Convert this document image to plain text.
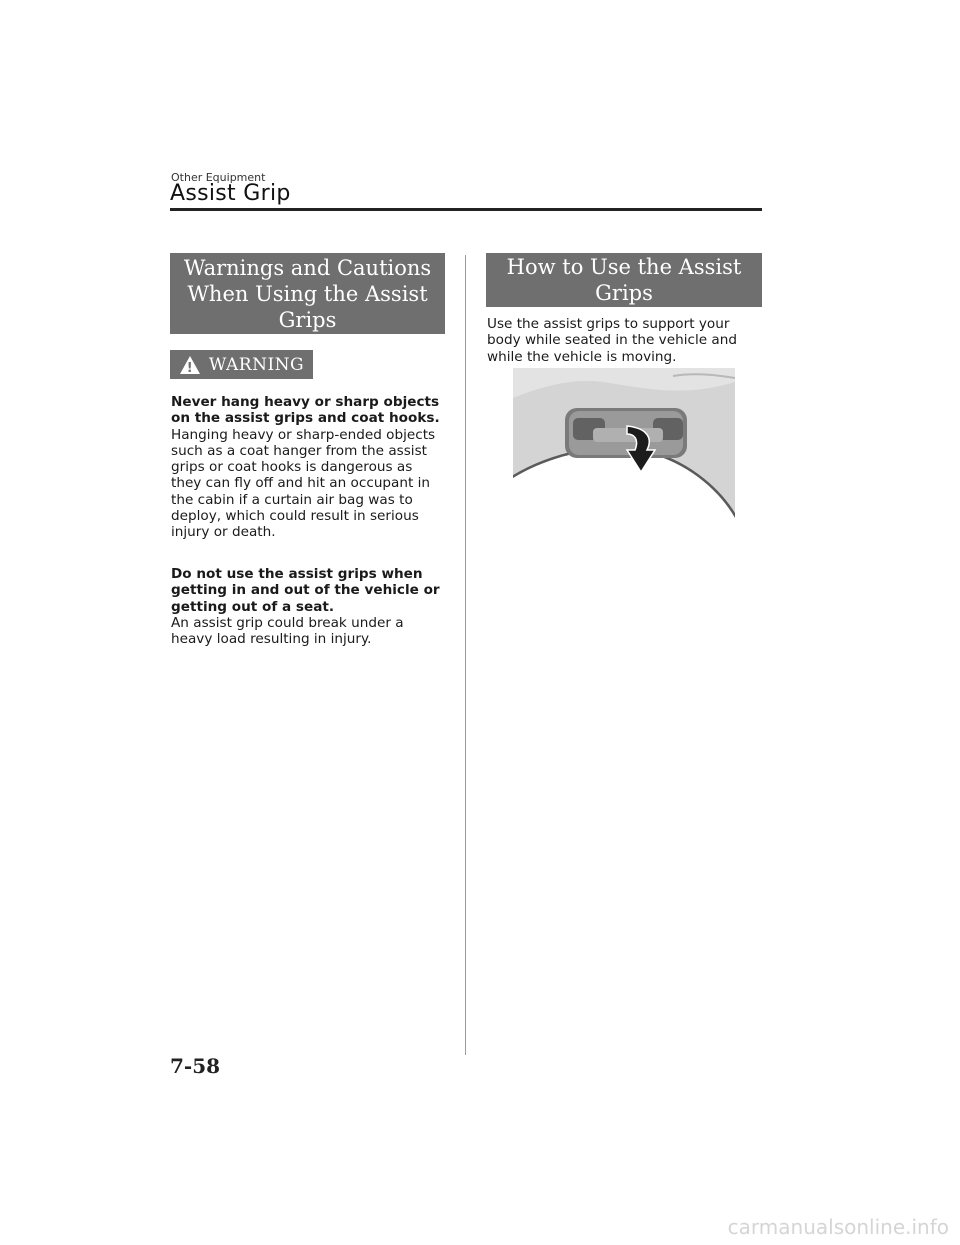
Other Equipment
Assist Grip
Warnings and Cautions When Using the Assist Grips
! WARNING
Never hang heavy or sharp objects on the assist grips and coat hooks.
Hanging heavy or sharp-ended objects such as a coat hanger from the assist grips or coat hooks is dangerous as they can fly off and hit an occupant in the cabin if a curtain air bag was to deploy, which could result in serious injury or death.
Do not use the assist grips when getting in and out of the vehicle or getting out of a seat.
An assist grip could break under a heavy load resulting in injury.
How to Use the Assist Grips
Use the assist grips to support your body while seated in the vehicle and while the vehicle is moving.
7-58
carmanualsonline.info
